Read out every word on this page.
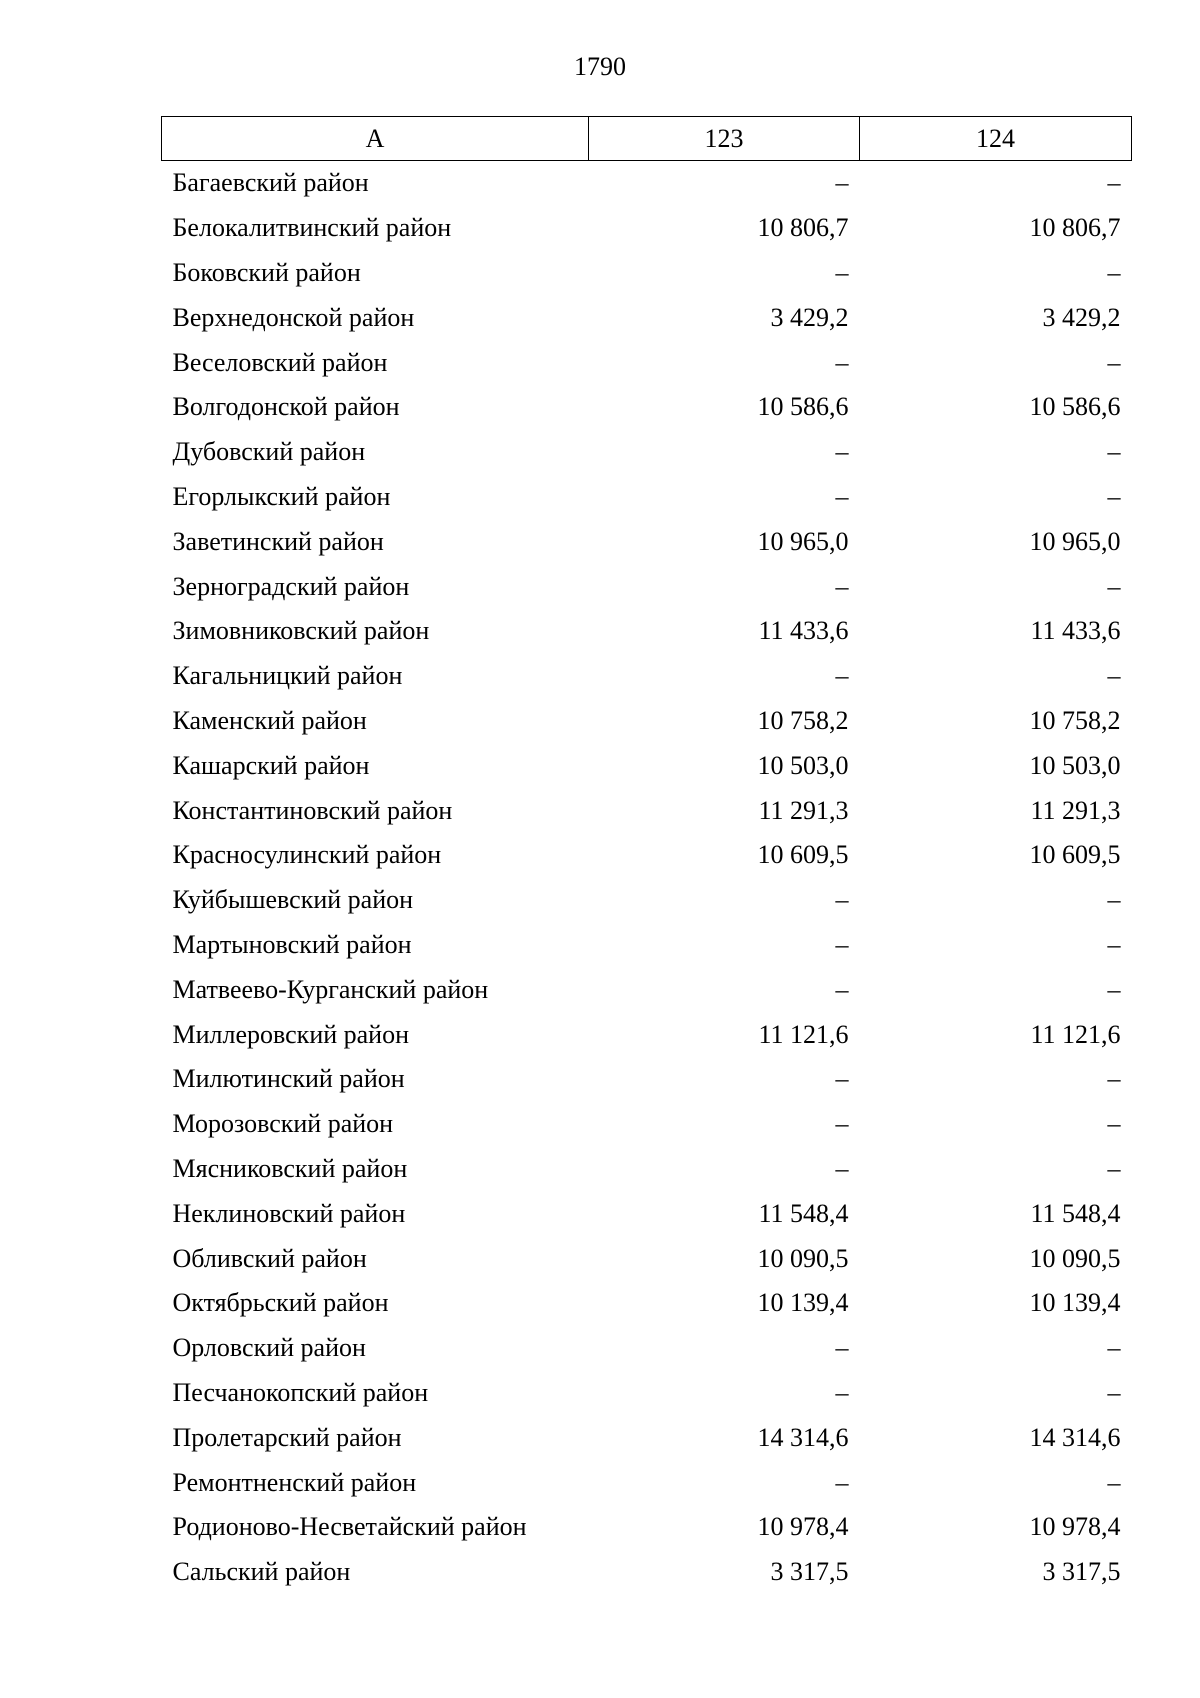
1790
А	123	124
Багаевский район	–	–
Белокалитвинский район	10 806,7	10 806,7
Боковский район	–	–
Верхнедонской район	3 429,2	3 429,2
Веселовский район	–	–
Волгодонской район	10 586,6	10 586,6
Дубовский район	–	–
Егорлыкский район	–	–
Заветинский район	10 965,0	10 965,0
Зерноградский район	–	–
Зимовниковский район	11 433,6	11 433,6
Кагальницкий район	–	–
Каменский район	10 758,2	10 758,2
Кашарский район	10 503,0	10 503,0
Константиновский район	11 291,3	11 291,3
Красносулинский район	10 609,5	10 609,5
Куйбышевский район	–	–
Мартыновский район	–	–
Матвеево-Курганский район	–	–
Миллеровский район	11 121,6	11 121,6
Милютинский район	–	–
Морозовский район	–	–
Мясниковский район	–	–
Неклиновский район	11 548,4	11 548,4
Обливский район	10 090,5	10 090,5
Октябрьский район	10 139,4	10 139,4
Орловский район	–	–
Песчанокопский район	–	–
Пролетарский район	14 314,6	14 314,6
Ремонтненский район	–	–
Родионово-Несветайский район	10 978,4	10 978,4
Сальский район	3 317,5	3 317,5
